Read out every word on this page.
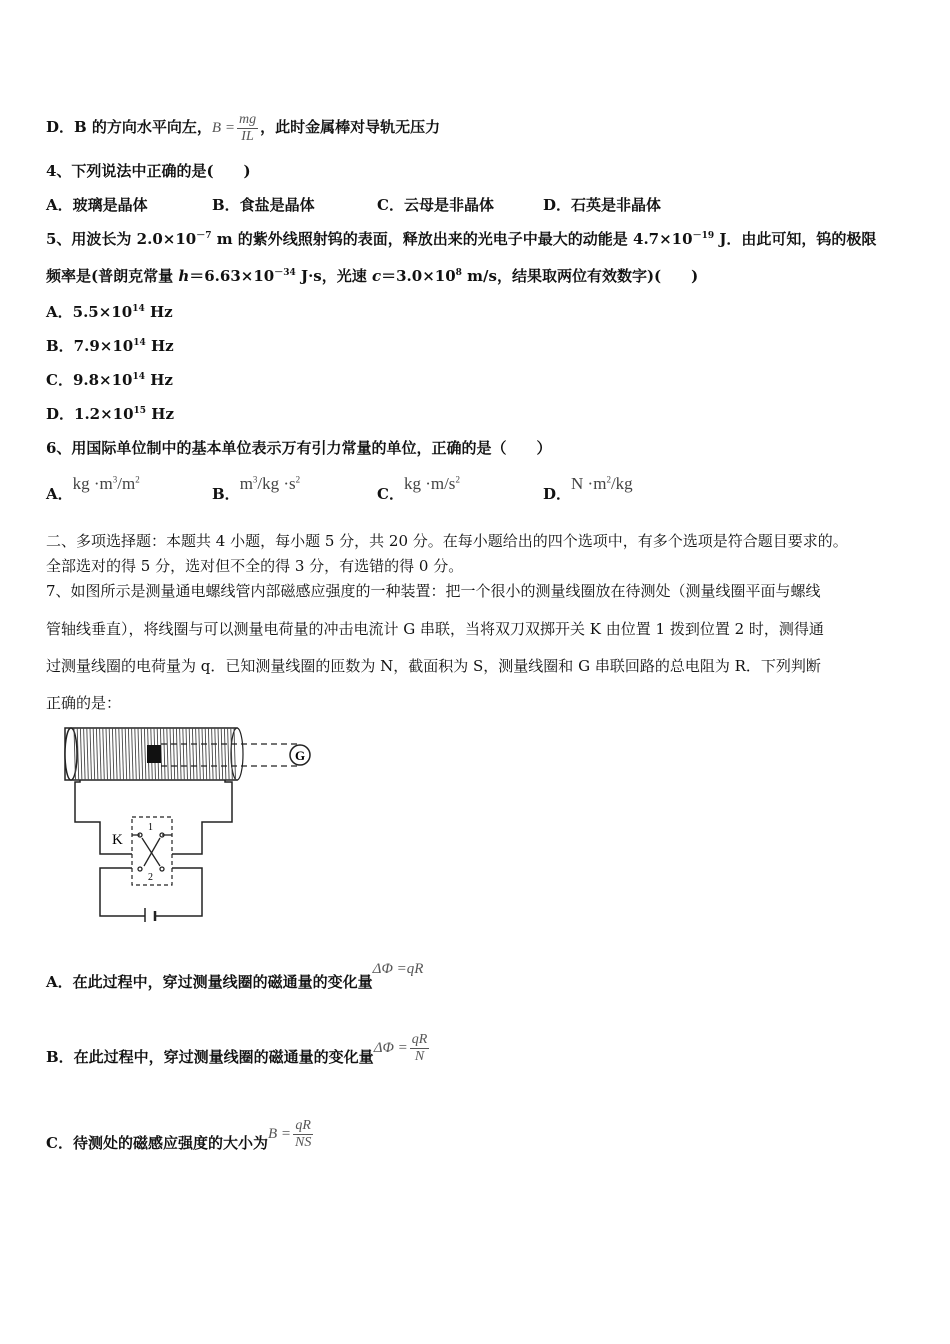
D．B 的方向水平向左，$B = \frac{mg}{IL}$ ，此时金属棒对导轨无压力
4、下列说法中正确的是(　　)
A．玻璃是晶体	B．食盐是晶体	C．云母是非晶体	D．石英是非晶体
5、用波长为 $2.0\times 10^{-7}$ m 的紫外线照射钨的表面，释放出来的光电子中最大的动能是 $4.7\times 10^{-19}$ J．由此可知，钨的极限
频率是(普朗克常量 $h=6.63\times 10^{-34}$ J·s，光速 $c=3.0\times 10^8$ m/s，结果取两位有效数字)(　　)
A．$5.5\times 10^{14}$ Hz
B．$7.9\times 10^{14}$ Hz
C．$9.8\times 10^{14}$ Hz
D．$1.2\times 10^{15}$ Hz
6、用国际单位制中的基本单位表示万有引力常量的单位，正确的是（　　）
A．kg $\cdot m^3/m^2$
B．$m^3/kg \cdot s^2$
C．kg $\cdot m/s^2$
D．$N \cdot m^2/kg$
二、多项选择题：本题共 4 小题，每小题 5 分，共 20 分。在每小题给出的四个选项中，有多个选项是符合题目要求的。
全部选对的得 5 分，选对但不全的得 3 分，有选错的得 0 分。
7、如图所示是测量通电螺线管内部磁感应强度的一种装置：把一个很小的测量线圈放在待测处（测量线圈平面与螺线
管轴线垂直），将线圈与可以测量电荷量的冲击电流计 G 串联，当将双刀双掷开关 K 由位置 1 拨到位置 2 时，测得通
过测量线圈的电荷量为 q．已知测量线圈的匝数为 N，截面积为 S，测量线圈和 G 串联回路的总电阻为 R．下列判断
正确的是：
G
K
1
2
A．在此过程中，穿过测量线圈的磁通量的变化量ΔΦ =qR
B．在此过程中，穿过测量线圈的磁通量的变化量$\Delta\Phi = \frac{qR}{N}$
C．待测处的磁感应强度的大小为$B = \frac{qR}{NS}$
